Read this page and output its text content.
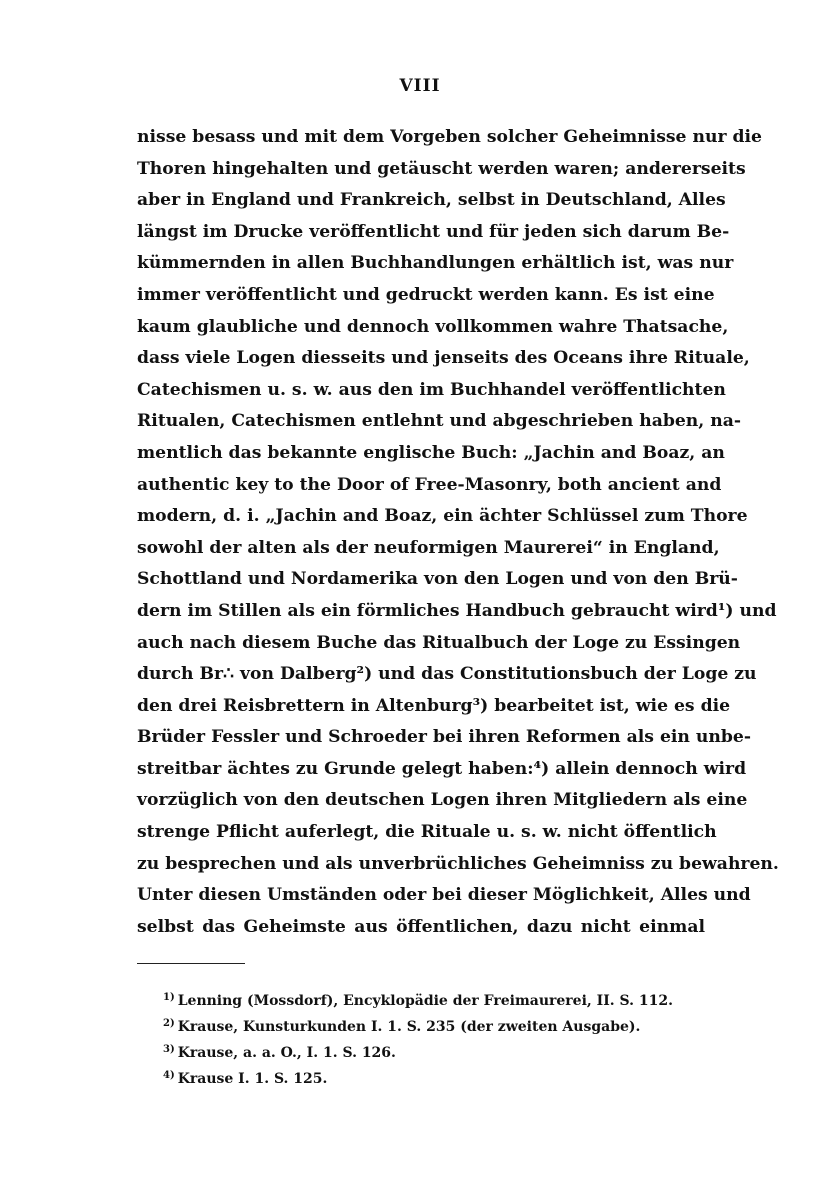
VIII
nisse besass und mit dem Vorgeben solcher Geheimnisse nur die
Thoren hingehalten und getäuscht werden waren; andererseits
aber in England und Frankreich, selbst in Deutschland, Alles
längst im Drucke veröffentlicht und für jeden sich darum Be-
kümmernden in allen Buchhandlungen erhältlich ist, was nur
immer veröffentlicht und gedruckt werden kann. Es ist eine
kaum glaubliche und dennoch vollkommen wahre Thatsache,
dass viele Logen diesseits und jenseits des Oceans ihre Rituale,
Catechismen u. s. w. aus den im Buchhandel veröffentlichten
Ritualen, Catechismen entlehnt und abgeschrieben haben, na-
mentlich das bekannte englische Buch: „Jachin and Boaz, an
authentic key to the Door of Free-Masonry, both ancient and
modern, d. i. „Jachin and Boaz, ein ächter Schlüssel zum Thore
sowohl der alten als der neuformigen Maurerei“ in England,
Schottland und Nordamerika von den Logen und von den Brü-
dern im Stillen als ein förmliches Handbuch gebraucht wird¹) und
auch nach diesem Buche das Ritualbuch der Loge zu Essingen
durch Br∴ von Dalberg²) und das Constitutionsbuch der Loge zu
den drei Reisbrettern in Altenburg³) bearbeitet ist, wie es die
Brüder Fessler und Schroeder bei ihren Reformen als ein unbe-
streitbar ächtes zu Grunde gelegt haben:⁴) allein dennoch wird
vorzüglich von den deutschen Logen ihren Mitgliedern als eine
strenge Pflicht auferlegt, die Rituale u. s. w. nicht öffentlich
zu besprechen und als unverbrüchliches Geheimniss zu bewahren.
Unter diesen Umständen oder bei dieser Möglichkeit, Alles und
selbst das Geheimste aus öffentlichen, dazu nicht einmal
$^{1)}$ Lenning (Mossdorf), Encyklopädie der Freimaurerei, II. S. 112.
$^{2)}$ Krause, Kunsturkunden I. 1. S. 235 (der zweiten Ausgabe).
$^{3)}$ Krause, a. a. O., I. 1. S. 126.
$^{4)}$ Krause I. 1. S. 125.
